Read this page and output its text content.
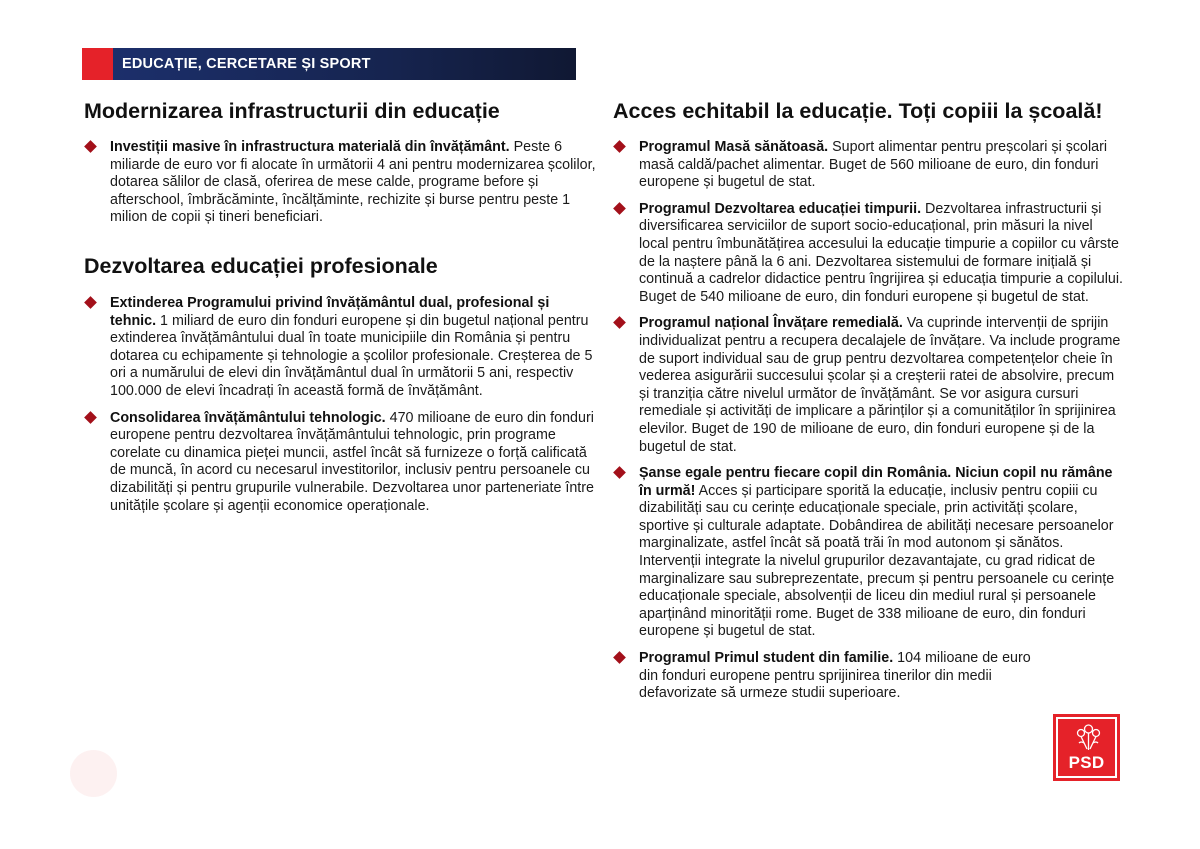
EDUCAȚIE, CERCETARE ȘI SPORT
Modernizarea infrastructurii din educație
Investiții masive în infrastructura materială din învățământ. Peste 6 miliarde de euro vor fi alocate în următorii 4 ani pentru modernizarea școlilor, dotarea sălilor de clasă, oferirea de mese calde, programe before și afterschool, îmbrăcăminte, încălțăminte, rechizite și burse pentru peste 1 milion de copii și tineri beneficiari.
Dezvoltarea educației profesionale
Extinderea Programului privind învățământul dual, profesional și tehnic. 1 miliard de euro din fonduri europene și din bugetul național pentru extinderea învățământului dual în toate municipiile din România și pentru dotarea cu echipamente și tehnologie a școlilor profesionale. Creșterea de 5 ori a numărului de elevi din învățământul dual în următorii 5 ani, respectiv 100.000 de elevi încadrați în această formă de învățământ.
Consolidarea învățământului tehnologic. 470 milioane de euro din fonduri europene pentru dezvoltarea învățământului tehnologic, prin programe corelate cu dinamica pieței muncii, astfel încât să furnizeze o forță calificată de muncă, în acord cu necesarul investitorilor, inclusiv pentru persoanele cu dizabilități și pentru grupurile vulnerabile. Dezvoltarea unor parteneriate între unitățile școlare și agenții economice operaționale.
Acces echitabil la educație. Toți copiii la școală!
Programul Masă sănătoasă. Suport alimentar pentru preșcolari și școlari masă caldă/pachet alimentar. Buget de 560 milioane de euro, din fonduri europene și bugetul de stat.
Programul Dezvoltarea educației timpurii. Dezvoltarea infrastructurii și diversificarea serviciilor de suport socio-educațional, prin măsuri la nivel local pentru îmbunătățirea accesului la educație timpurie a copiilor cu vârste de la naștere până la 6 ani. Dezvoltarea sistemului de formare inițială și continuă a cadrelor didactice pentru îngrijirea și educația timpurie a copilului. Buget de 540 milioane de euro, din fonduri europene și bugetul de stat.
Programul național Învățare remedială. Va cuprinde intervenții de sprijin individualizat pentru a recupera decalajele de învățare. Va include programe de suport individual sau de grup pentru dezvoltarea competențelor cheie în vederea asigurării succesului școlar și a creșterii ratei de absolvire, precum și tranziția către nivelul următor de învățământ. Se vor asigura cursuri remediale și activități de implicare a părinților și a comunităților în sprijinirea elevilor. Buget de 190 de milioane de euro, din fonduri europene și de la bugetul de stat.
Șanse egale pentru fiecare copil din România. Niciun copil nu rămâne în urmă! Acces și participare sporită la educație, inclusiv pentru copiii cu dizabilități sau cu cerințe educaționale speciale, prin activități școlare, sportive și culturale adaptate. Dobândirea de abilități necesare persoanelor marginalizate, astfel încât să poată trăi în mod autonom și sănătos. Intervenții integrate la nivelul grupurilor dezavantajate, cu grad ridicat de marginalizare sau subreprezentate, precum și pentru persoanele cu cerințe educaționale speciale, absolvenții de liceu din mediul rural și persoanele aparținând minorității rome. Buget de 338 milioane de euro, din fonduri europene și bugetul de stat.
Programul Primul student din familie. 104 milioane de euro din fonduri europene pentru sprijinirea tinerilor din medii defavorizate să urmeze studii superioare.
PSD
